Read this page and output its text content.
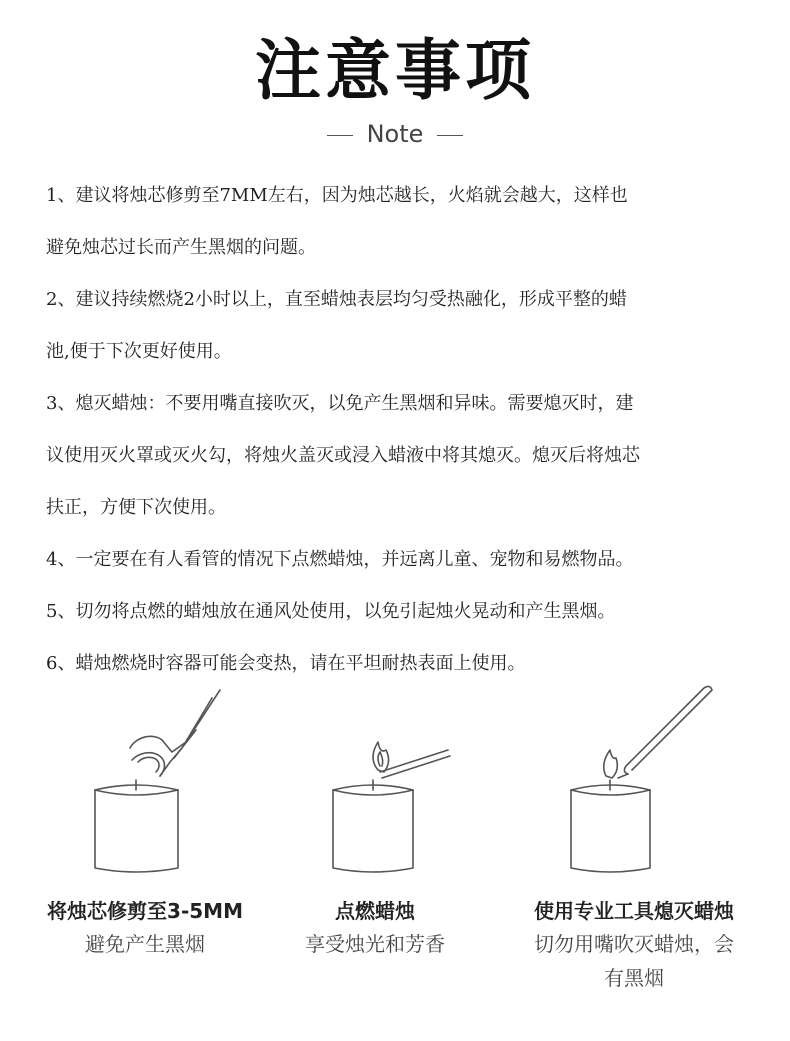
注意事项
Note
1、建议将烛芯修剪至7MM左右，因为烛芯越长，火焰就会越大，这样也
避免烛芯过长而产生黑烟的问题。
2、建议持续燃烧2小时以上，直至蜡烛表层均匀受热融化，形成平整的蜡
池,便于下次更好使用。
3、熄灭蜡烛：不要用嘴直接吹灭，以免产生黑烟和异味。需要熄灭时，建
议使用灭火罩或灭火勾，将烛火盖灭或浸入蜡液中将其熄灭。熄灭后将烛芯
扶正，方便下次使用。
4、一定要在有人看管的情况下点燃蜡烛，并远离儿童、宠物和易燃物品。
5、切勿将点燃的蜡烛放在通风处使用，以免引起烛火晃动和产生黑烟。
6、蜡烛燃烧时容器可能会变热，请在平坦耐热表面上使用。
将烛芯修剪至3-5MM
避免产生黑烟
点燃蜡烛
享受烛光和芳香
使用专业工具熄灭蜡烛
切勿用嘴吹灭蜡烛，会
有黑烟
